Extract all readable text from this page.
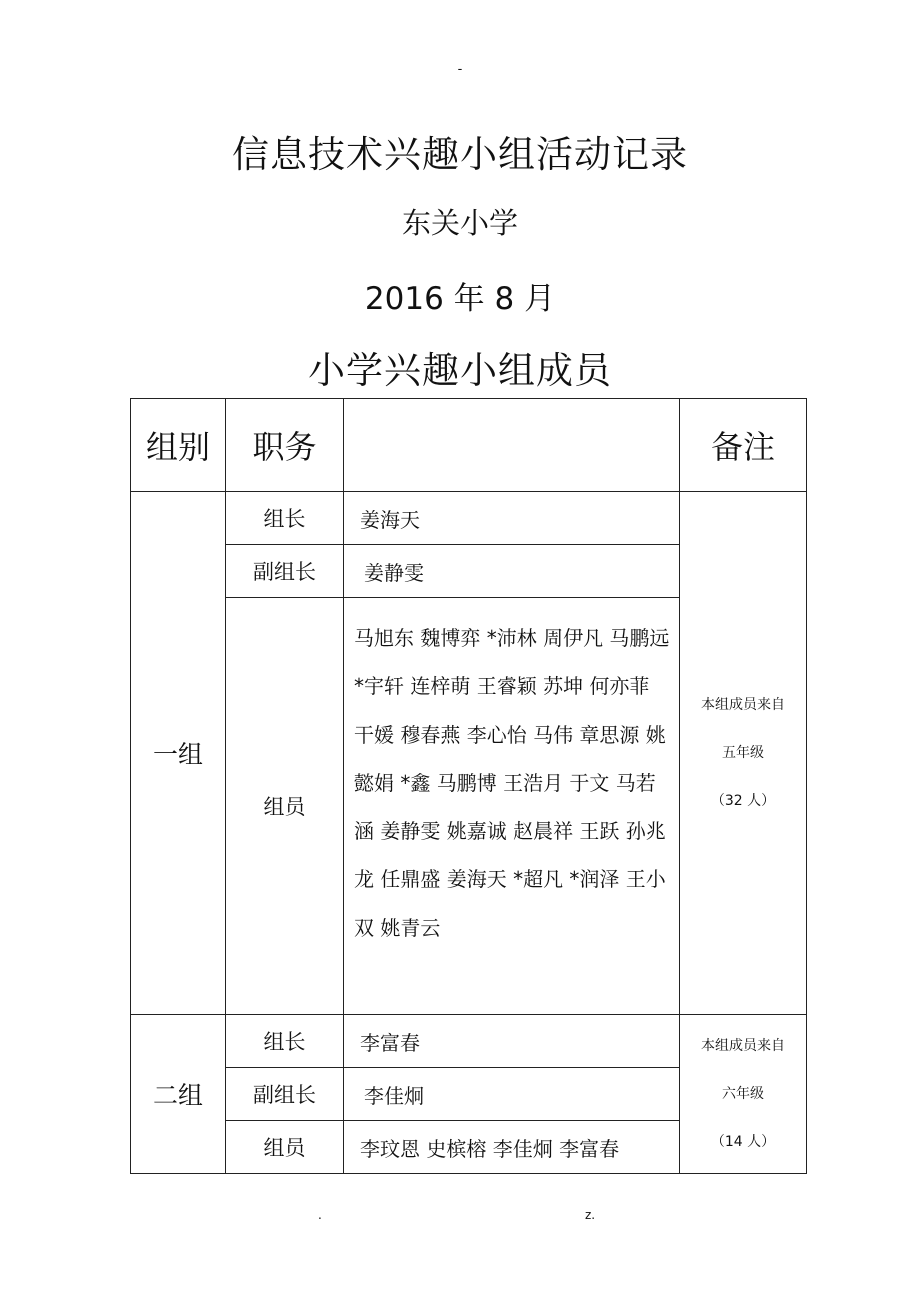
-
信息技术兴趣小组活动记录
东关小学
2016 年 8 月
小学兴趣小组成员
组别	职务		备注
一组	组长	姜海天	本组成员来自
五年级
（32 人）

	副组长	姜静雯	
	组员	马旭东 魏博弈 *沛林 周伊凡 马鹏远 *宇轩 连梓萌 王睿颖 苏坤 何亦菲 干媛 穆春燕 李心怡 马伟 章思源 姚懿娟 *鑫 马鹏博 王浩月 于文 马若涵 姜静雯 姚嘉诚 赵晨祥 王跃 孙兆龙 任鼎盛 姜海天 *超凡 *润泽 王小双 姚青云	
二组	组长	李富春	本组成员来自
六年级
（14 人）

	副组长	李佳炯	
	组员	李玟恩 史槟榕 李佳炯 李富春	
.	z.
